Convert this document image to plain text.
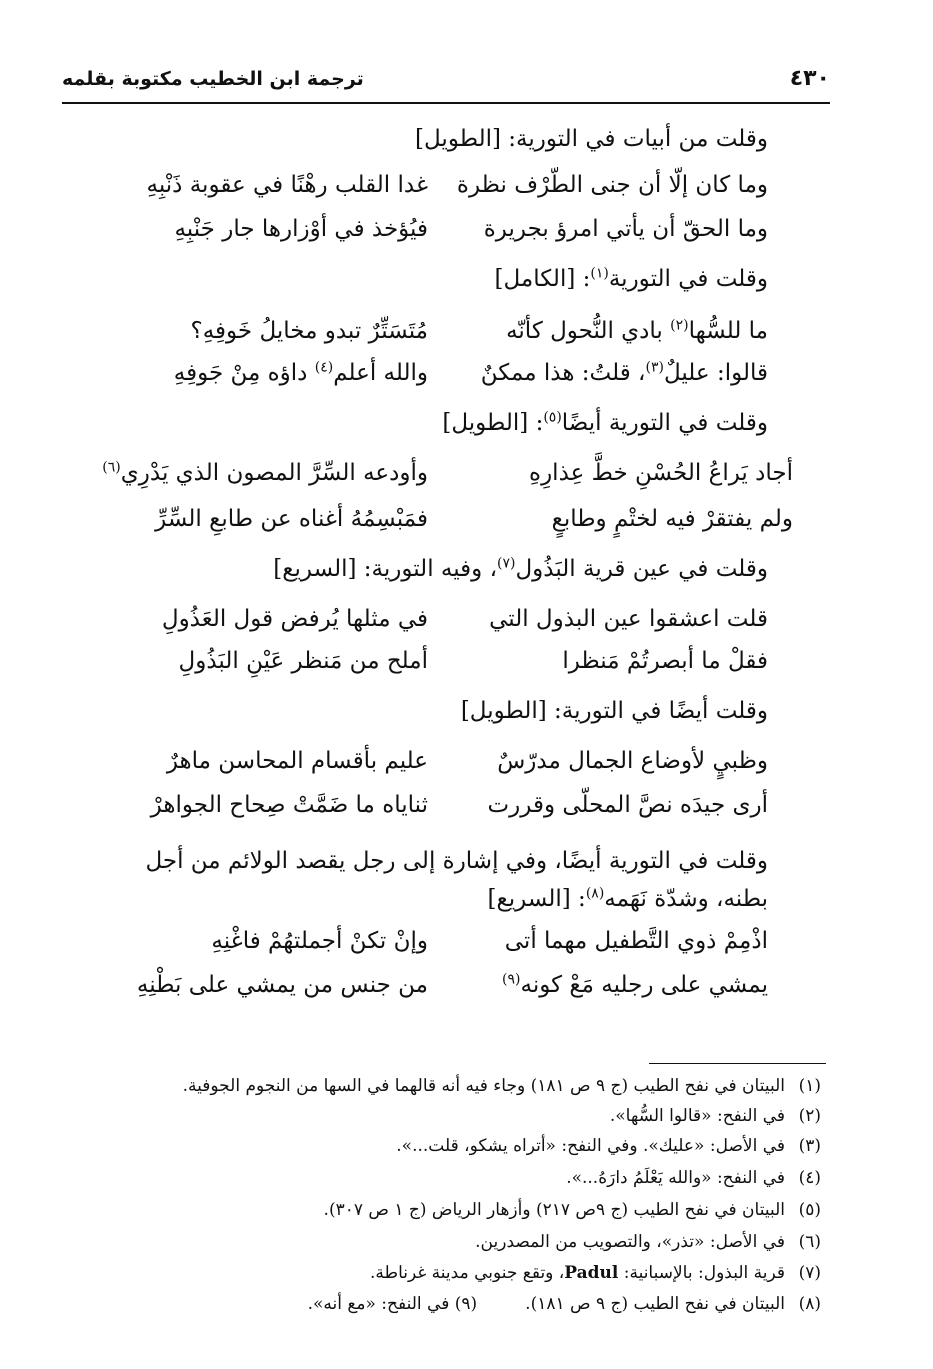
٤٣٠
ترجمة ابن الخطيب مكتوبة بقلمه
وقلت من أبيات في التورية: [الطويل]
وما كان إلّا أن جنى الطّرْف نظرة
غدا القلب رهْنًا في عقوبة ذَنْبِهِ
وما الحقّ أن يأتي امرؤ بجريرة
فيُؤخذ في أوْزارها جار جَنْبِهِ
وقلت في التورية$^{(١)}$: [الكامل]
ما للسُّها$^{(٢)}$ بادي النُّحول كأنّه
مُتَسَتِّرٌ تبدو مخايلُ خَوفِهِ؟
قالوا: عليلٌ$^{(٣)}$، قلتُ: هذا ممكنٌ
والله أعلم$^{(٤)}$ داؤه مِنْ جَوفِهِ
وقلت في التورية أيضًا$^{(٥)}$: [الطويل]
أجاد يَراعُ الحُسْنِ خطَّ عِذارِهِ
وأودعه السِّرَّ المصون الذي يَدْرِي$^{(٦)}$
ولم يفتقرْ فيه لختْمٍ وطابعٍ
فمَبْسِمُهُ أغناه عن طابعِ السِّرِّ
وقلت في عين قرية البَذُول$^{(٧)}$، وفيه التورية: [السريع]
قلت اعشقوا عين البذول التي
في مثلها يُرفض قول العَذُولِ
فقلْ ما أبصرتُمْ مَنظرا
أملح من مَنظر عَيْنِ البَذُولِ
وقلت أيضًا في التورية: [الطويل]
وظبيٍ لأوضاع الجمال مدرّسٌ
عليم بأقسام المحاسن ماهرٌ
أرى جيدَه نصَّ المحلّى وقررت
ثناياه ما ضَمَّتْ صِحاح الجواهرْ
وقلت في التورية أيضًا، وفي إشارة إلى رجل يقصد الولائم من أجل بطنه، وشدّة نَهَمه$^{(٨)}$: [السريع]
اذْمِمْ ذوي التَّطفيل مهما أتى
وإنْ تكنْ أجملتهُمْ فاغْنِهِ
يمشي على رجليه مَعْ كونه$^{(٩)}$
من جنس من يمشي على بَطْنِهِ
(١)البيتان في نفح الطيب (ج ٩ ص ١٨١) وجاء فيه أنه قالهما في السها من النجوم الجوفية.
(٢)في النفح: «قالوا السُّها».
(٣)في الأصل: «عليك». وفي النفح: «أتراه يشكو، قلت...».
(٤)في النفح: «والله يَعْلَمُ دارَهُ...».
(٥)البيتان في نفح الطيب (ج ٩ص ٢١٧) وأزهار الرياض (ج ١ ص ٣٠٧).
(٦)في الأصل: «تذر»، والتصويب من المصدرين.
(٧)قرية البذول: بالإسبانية: Padul، وتقع جنوبي مدينة غرناطة.
(٨)البيتان في نفح الطيب (ج ٩ ص ١٨١).(٩) في النفح: «مع أنه».
